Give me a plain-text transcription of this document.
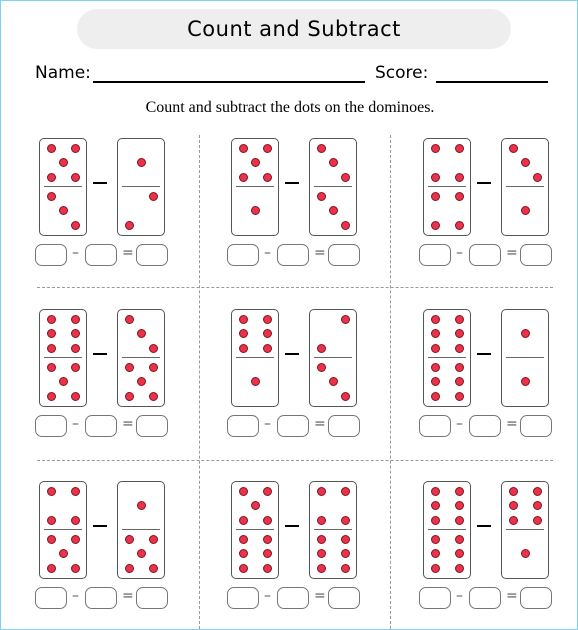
Count and Subtract
Name:	Score:
Count and subtract the dots on the dominoes.
–	=	–	=	–	=
–	=	–	=	–	=
–	=	–	=	–	=
